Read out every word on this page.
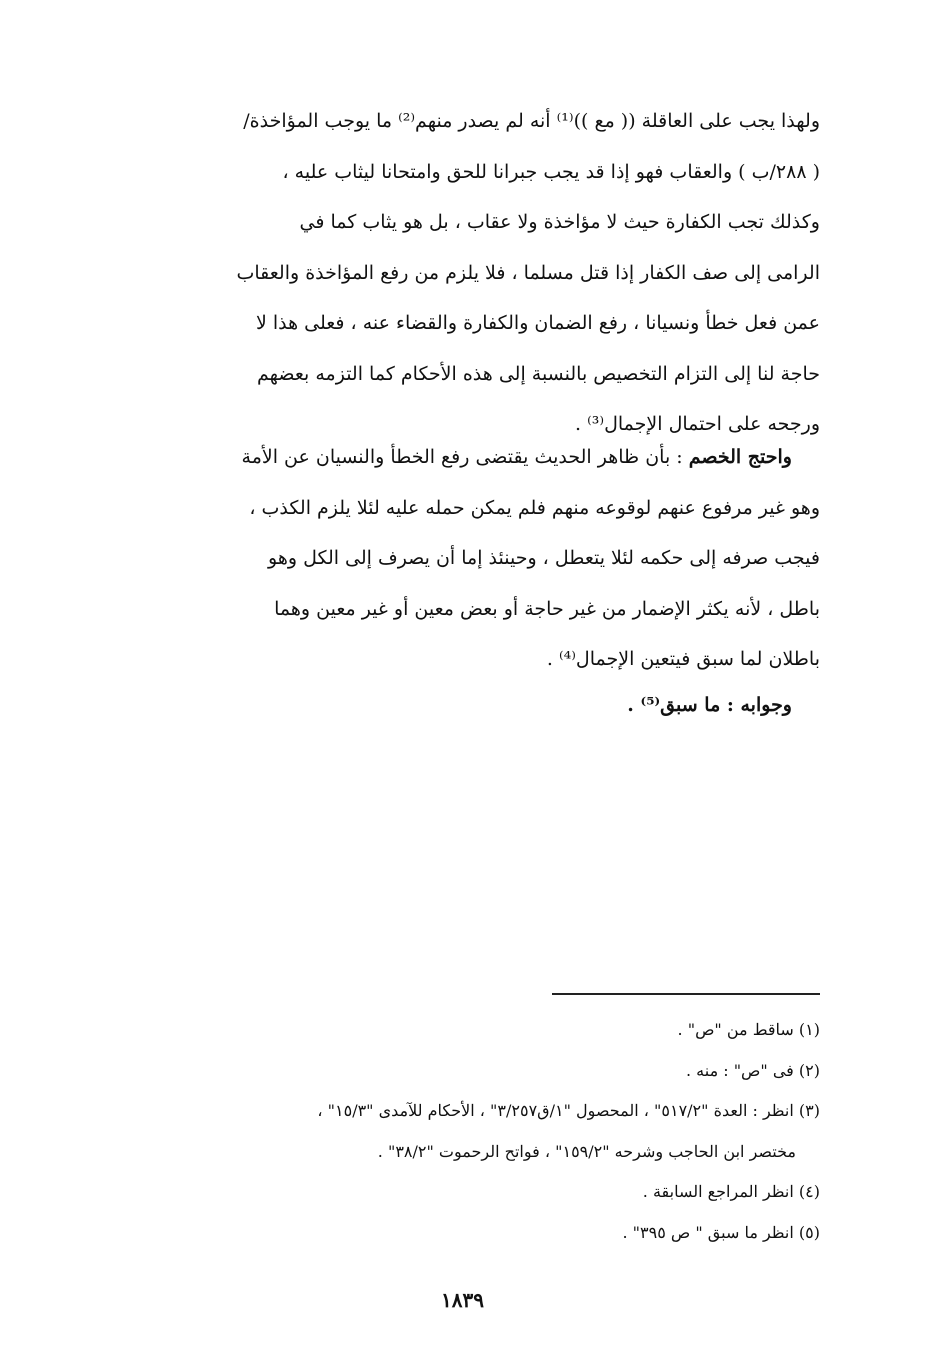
ولهذا يجب على العاقلة (( مع ))⁽¹⁾ أنه لم يصدر منهم⁽²⁾ ما يوجب المؤاخذة/
( ٢٨٨/ب ) والعقاب فهو إذا قد يجب جبرانا للحق وامتحانا ليثاب عليه ،
وكذلك تجب الكفارة حيث لا مؤاخذة ولا عقاب ، بل هو يثاب كما في
الرامى إلى صف الكفار إذا قتل مسلما ، فلا يلزم من رفع المؤاخذة والعقاب
عمن فعل خطأ ونسيانا ، رفع الضمان والكفارة والقضاء عنه ، فعلى هذا لا
حاجة لنا إلى التزام التخصيص بالنسبة إلى هذه الأحكام كما التزمه بعضهم
ورجحه على احتمال الإجمال⁽³⁾ .
واحتج الخصم : بأن ظاهر الحديث يقتضى رفع الخطأ والنسيان عن الأمة
وهو غير مرفوع عنهم لوقوعه منهم فلم يمكن حمله عليه لئلا يلزم الكذب ،
فيجب صرفه إلى حكمه لئلا يتعطل ، وحينئذ إما أن يصرف إلى الكل وهو
باطل ، لأنه يكثر الإضمار من غير حاجة أو بعض معين أو غير معين وهما
باطلان لما سبق فيتعين الإجمال⁽⁴⁾ .
وجوابه : ما سبق⁽⁵⁾ .
(١) ساقط من "ص" .
(٢) فى "ص" : منه .
(٣) انظر : العدة "٥١٧/٢" ، المحصول "١/ق٣/٢٥٧" ، الأحكام للآمدى "١٥/٣" ،
مختصر ابن الحاجب وشرحه "١٥٩/٢" ، فواتح الرحموت "٣٨/٢" .
(٤) انظر المراجع السابقة .
(٥) انظر ما سبق " ص ٣٩٥" .
١٨٣٩
